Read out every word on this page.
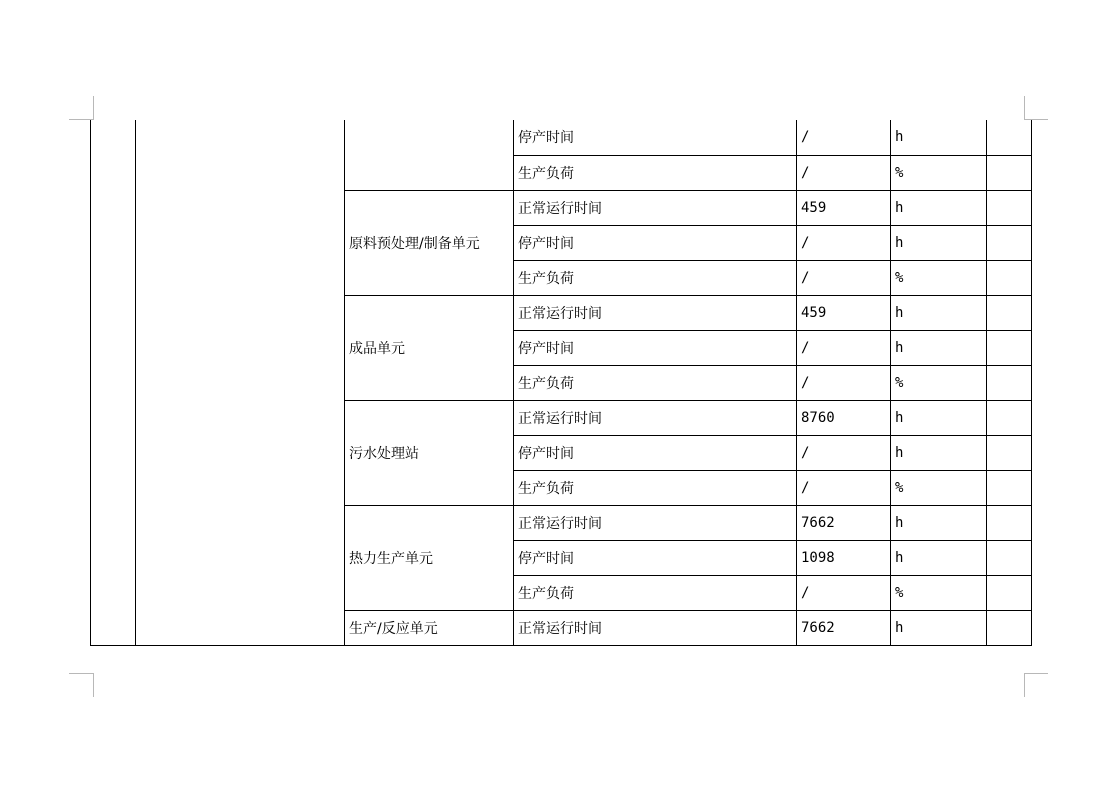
			停产时间	/	h	
			生产负荷	/	%	
		原料预处理/制备单元	正常运行时间	459	h	
			停产时间	/	h	
			生产负荷	/	%	
		成品单元	正常运行时间	459	h	
			停产时间	/	h	
			生产负荷	/	%	
		污水处理站	正常运行时间	8760	h	
			停产时间	/	h	
			生产负荷	/	%	
		热力生产单元	正常运行时间	7662	h	
			停产时间	1098	h	
			生产负荷	/	%	
		生产/反应单元	正常运行时间	7662	h	
